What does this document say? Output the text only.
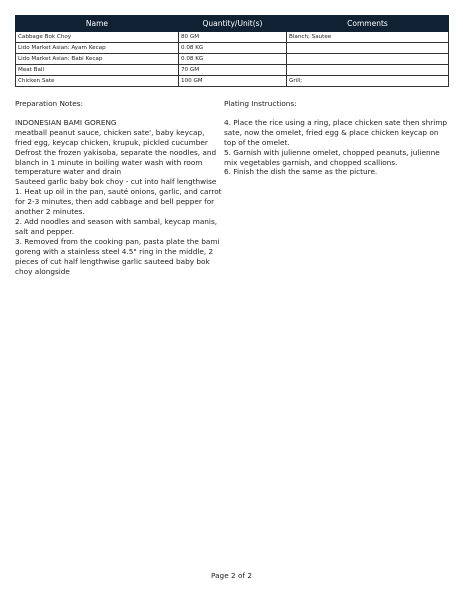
Name	Quantity/Unit(s)	Comments
Cabbage Bok Choy	80 GM	Blanch; Sautee
Lido Market Asian: Ayam Kecap	0.08 KG	
Lido Market Asian: Babi Kecap	0.08 KG	
Meat Ball	70 GM	
Chicken Sate	100 GM	Grill;

Preparation Notes:

INDONESIAN BAMI GORENG

meatball peanut sauce, chicken sate', baby keycap, fried egg, keycap chicken, krupuk, pickled cucumber

Defrost the frozen yakisoba, separate the noodles, and blanch in 1 minute in boiling water wash with room temperature water and drain

Sauteed garlic baby bok choy - cut into half lengthwise

1. Heat up oil in the pan, sauté onions, garlic, and carrot for 2-3 minutes, then add cabbage and bell pepper for another 2 minutes.

2. Add noodles and season with sambal, keycap manis, salt and pepper.

3. Removed from the cooking pan, pasta plate the bami goreng with a stainless steel 4.5" ring in the middle, 2 pieces of cut half lengthwise garlic sauteed baby bok choy alongside

Plating Instructions:

4. Place the rice using a ring, place chicken sate then shrimp sate, now the omelet, fried egg & place chicken keycap on top of the omelet.

5. Garnish with julienne omelet, chopped peanuts, julienne mix vegetables garnish, and chopped scallions.

6. Finish the dish the same as the picture.

Page 2 of 2
